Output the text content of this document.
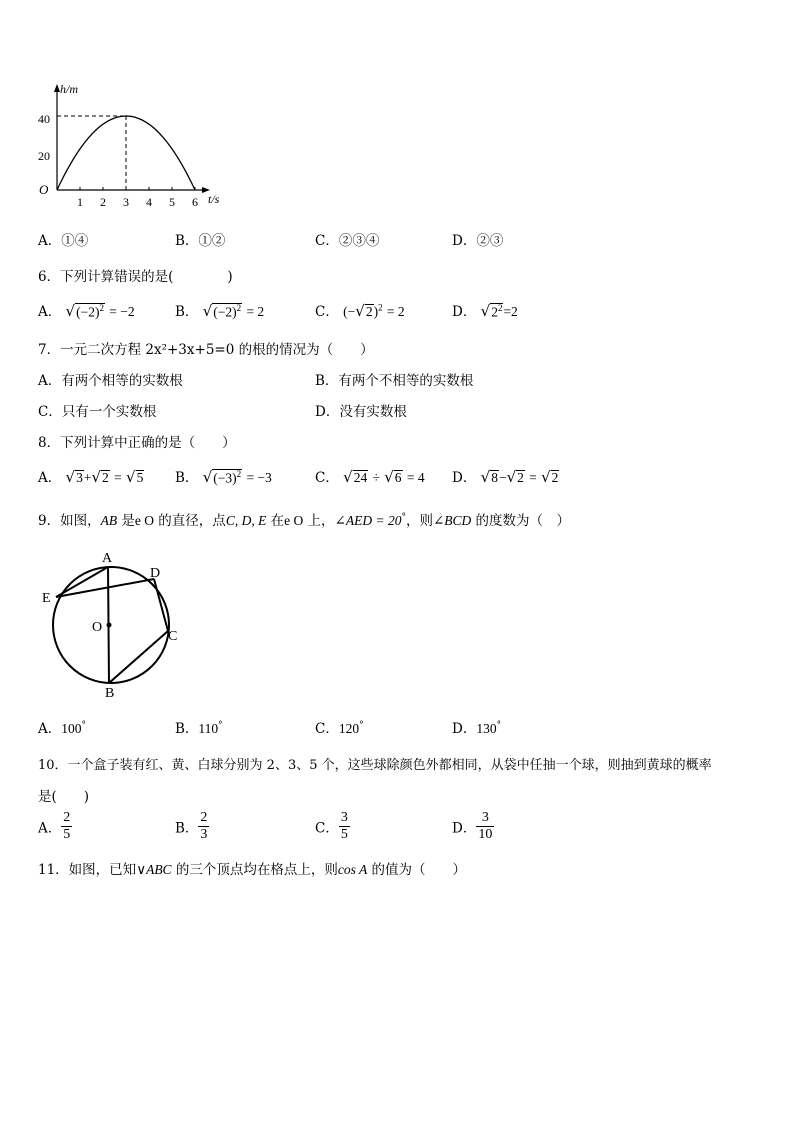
h/m
t/s
O
40
20
1 2 3 4 5 6
A．①④	B．①②	C．②③④	D．②③
6．下列计算错误的是(　　　　)
A． $√(-2)^2 = -2$	B． $√(-2)^2 = 2$	C． $(-√2)^2 = 2$	D． $√2^2=2$
7．一元二次方程 2x²+3x+5=0 的根的情况为（　　）
A．有两个相等的实数根	B．有两个不相等的实数根
C．只有一个实数根	D．没有实数根
8．下列计算中正确的是（　　）
A． √3+√2 = √5 B． $√(-3)^2 = -3$	C． √24 ÷ √6 = 4 D． √8−√2 = √2
9．如图，AB 是e O 的直径，点C, D, E 在e O 上，∠AED = 20°，则∠BCD 的度数为（　）
A
B
C
D
E
O
A．100°	B．110°	C．120°	D．130°
10．一个盒子装有红、黄、白球分别为 2、3、5 个，这些球除颜色外都相同，从袋中任抽一个球，则抽到黄球的概率
是(　　)
A． $\frac{2}{5}$	B． $\frac{2}{3}$	C． $\frac{3}{5}$	D． $\frac{3}{10}$
11．如图，已知∨ABC 的三个顶点均在格点上，则cos A 的值为（　　）
